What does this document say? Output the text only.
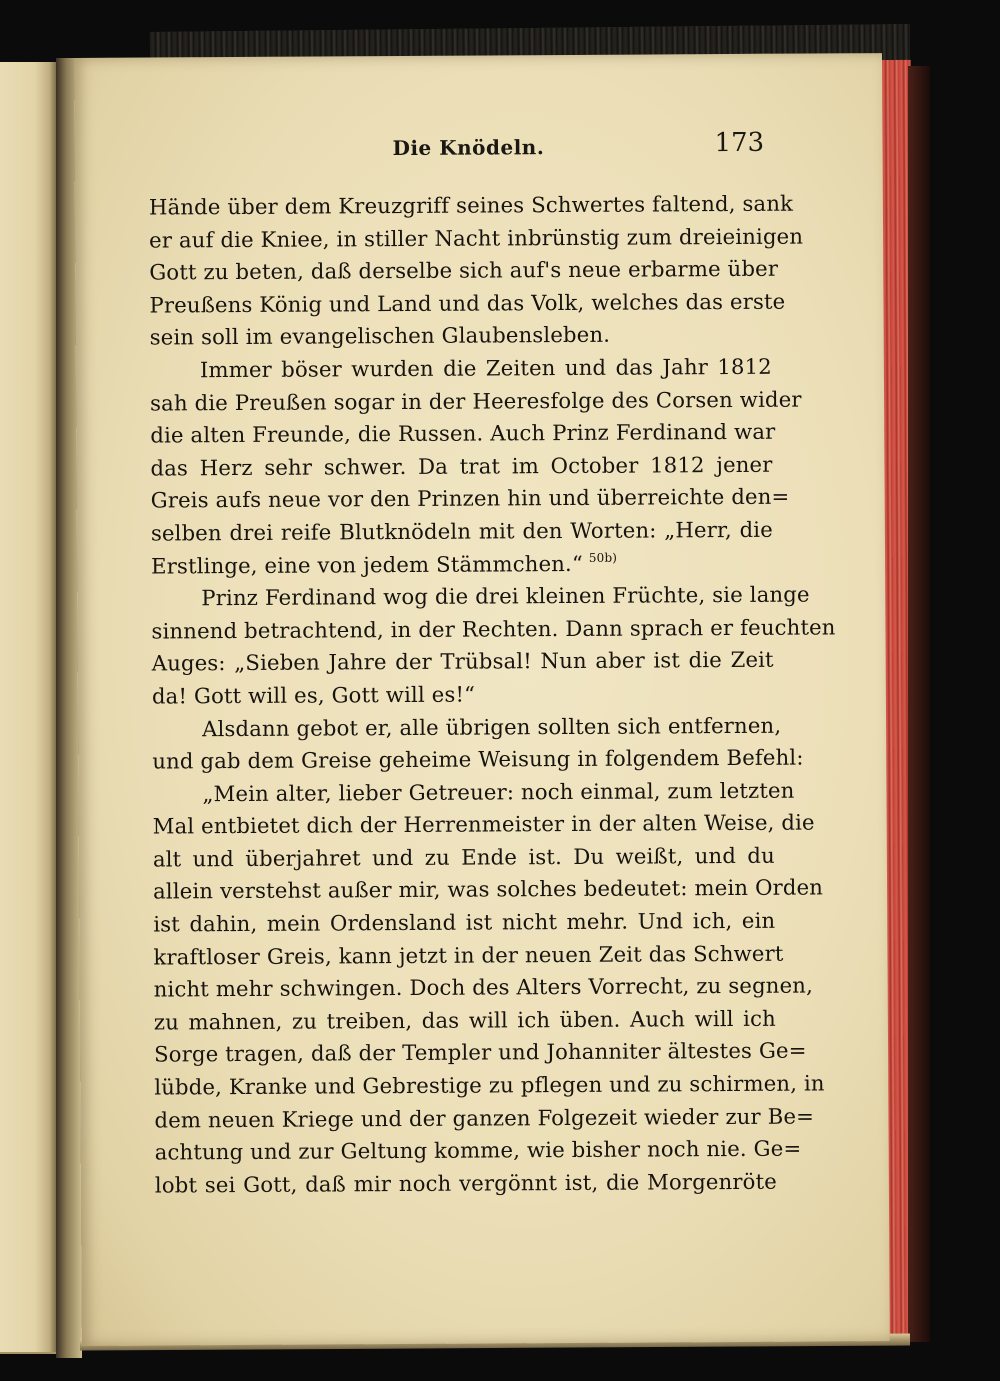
Die Knödeln.	173
Hände über dem Kreuzgriff seines Schwertes faltend, sank
er auf die Kniee, in stiller Nacht inbrünstig zum dreieinigen
Gott zu beten, daß derselbe sich auf's neue erbarme über
Preußens König und Land und das Volk, welches das erste
sein soll im evangelischen Glaubensleben.
Immer böser wurden die Zeiten und das Jahr 1812
sah die Preußen sogar in der Heeresfolge des Corsen wider
die alten Freunde, die Russen. Auch Prinz Ferdinand war
das Herz sehr schwer. Da trat im October 1812 jener
Greis aufs neue vor den Prinzen hin und überreichte den=
selben drei reife Blutknödeln mit den Worten: „Herr, die
Erstlinge, eine von jedem Stämmchen.“ $^{50b)}$
Prinz Ferdinand wog die drei kleinen Früchte, sie lange
sinnend betrachtend, in der Rechten. Dann sprach er feuchten
Auges: „Sieben Jahre der Trübsal! Nun aber ist die Zeit
da! Gott will es, Gott will es!“
Alsdann gebot er, alle übrigen sollten sich entfernen,
und gab dem Greise geheime Weisung in folgendem Befehl:
„Mein alter, lieber Getreuer: noch einmal, zum letzten
Mal entbietet dich der Herrenmeister in der alten Weise, die
alt und überjahret und zu Ende ist. Du weißt, und du
allein verstehst außer mir, was solches bedeutet: mein Orden
ist dahin, mein Ordensland ist nicht mehr. Und ich, ein
kraftloser Greis, kann jetzt in der neuen Zeit das Schwert
nicht mehr schwingen. Doch des Alters Vorrecht, zu segnen,
zu mahnen, zu treiben, das will ich üben. Auch will ich
Sorge tragen, daß der Templer und Johanniter ältestes Ge=
lübde, Kranke und Gebrestige zu pflegen und zu schirmen, in
dem neuen Kriege und der ganzen Folgezeit wieder zur Be=
achtung und zur Geltung komme, wie bisher noch nie. Ge=
lobt sei Gott, daß mir noch vergönnt ist, die Morgenröte
